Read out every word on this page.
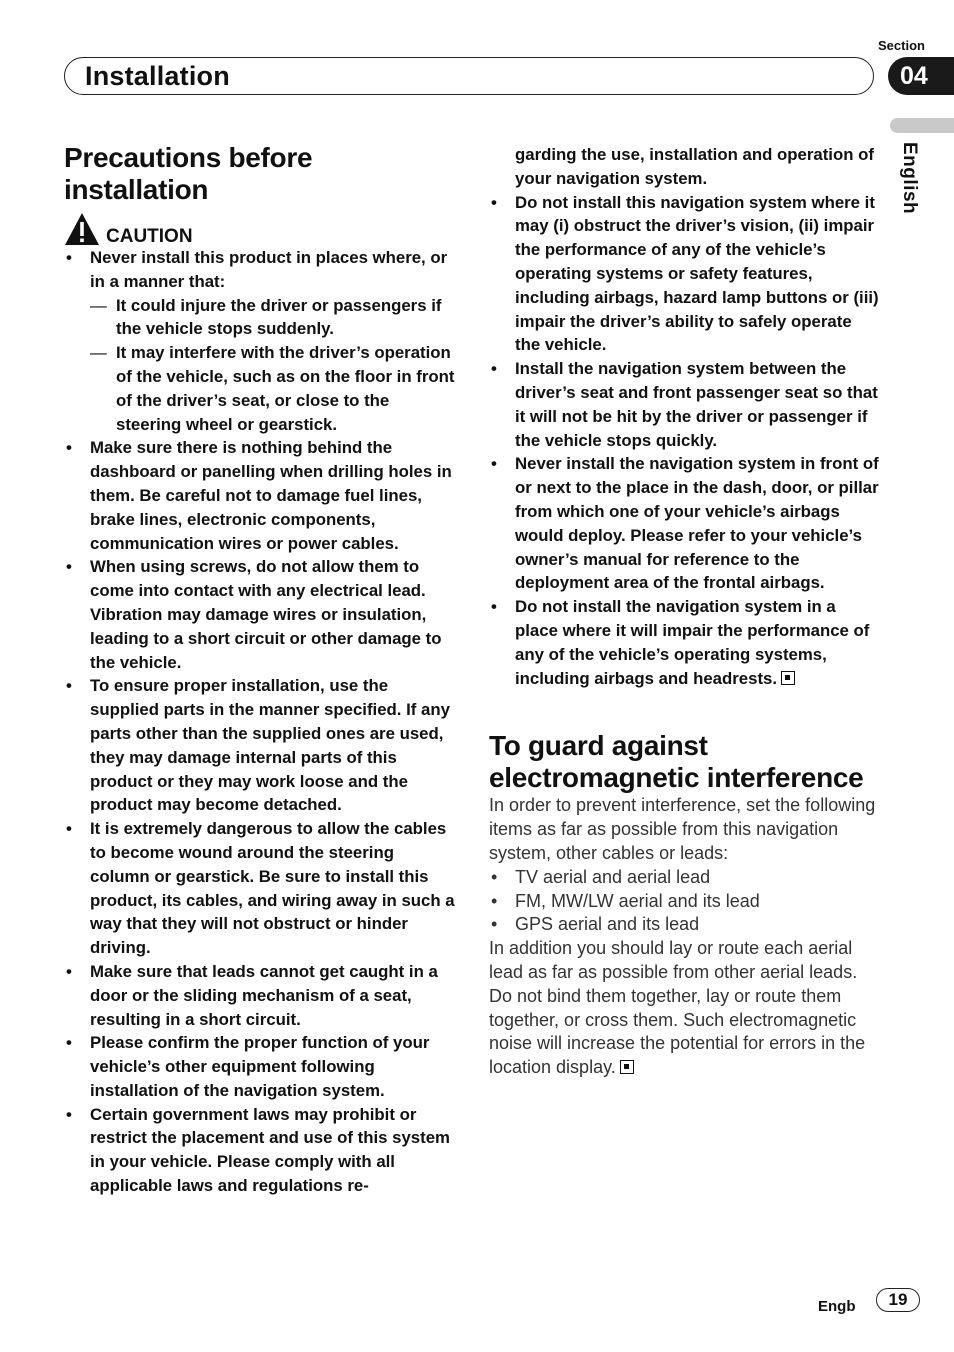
Section
Installation	04
English
Precautions before installation
CAUTION
• Never install this product in places where, or in a manner that:
— It could injure the driver or passengers if the vehicle stops suddenly.
— It may interfere with the driver’s operation of the vehicle, such as on the floor in front of the driver’s seat, or close to the steering wheel or gearstick.
• Make sure there is nothing behind the dashboard or panelling when drilling holes in them. Be careful not to damage fuel lines, brake lines, electronic components, communication wires or power cables.
• When using screws, do not allow them to come into contact with any electrical lead. Vibration may damage wires or insulation, leading to a short circuit or other damage to the vehicle.
• To ensure proper installation, use the supplied parts in the manner specified. If any parts other than the supplied ones are used, they may damage internal parts of this product or they may work loose and the product may become detached.
• It is extremely dangerous to allow the cables to become wound around the steering column or gearstick. Be sure to install this product, its cables, and wiring away in such a way that they will not obstruct or hinder driving.
• Make sure that leads cannot get caught in a door or the sliding mechanism of a seat, resulting in a short circuit.
• Please confirm the proper function of your vehicle’s other equipment following installation of the navigation system.
• Certain government laws may prohibit or restrict the placement and use of this system in your vehicle. Please comply with all applicable laws and regulations re-
garding the use, installation and operation of your navigation system.
• Do not install this navigation system where it may (i) obstruct the driver’s vision, (ii) impair the performance of any of the vehicle’s operating systems or safety features, including airbags, hazard lamp buttons or (iii) impair the driver’s ability to safely operate the vehicle.
• Install the navigation system between the driver’s seat and front passenger seat so that it will not be hit by the driver or passenger if the vehicle stops quickly.
• Never install the navigation system in front of or next to the place in the dash, door, or pillar from which one of your vehicle’s airbags would deploy. Please refer to your vehicle’s owner’s manual for reference to the deployment area of the frontal airbags.
• Do not install the navigation system in a place where it will impair the performance of any of the vehicle’s operating systems, including airbags and headrests.
To guard against electromagnetic interference

In order to prevent interference, set the following items as far as possible from this navigation system, other cables or leads:

• TV aerial and aerial lead
• FM, MW/LW aerial and its lead
• GPS aerial and its lead

In addition you should lay or route each aerial lead as far as possible from other aerial leads. Do not bind them together, lay or route them together, or cross them. Such electromagnetic noise will increase the potential for errors in the location display.

Engb	19
